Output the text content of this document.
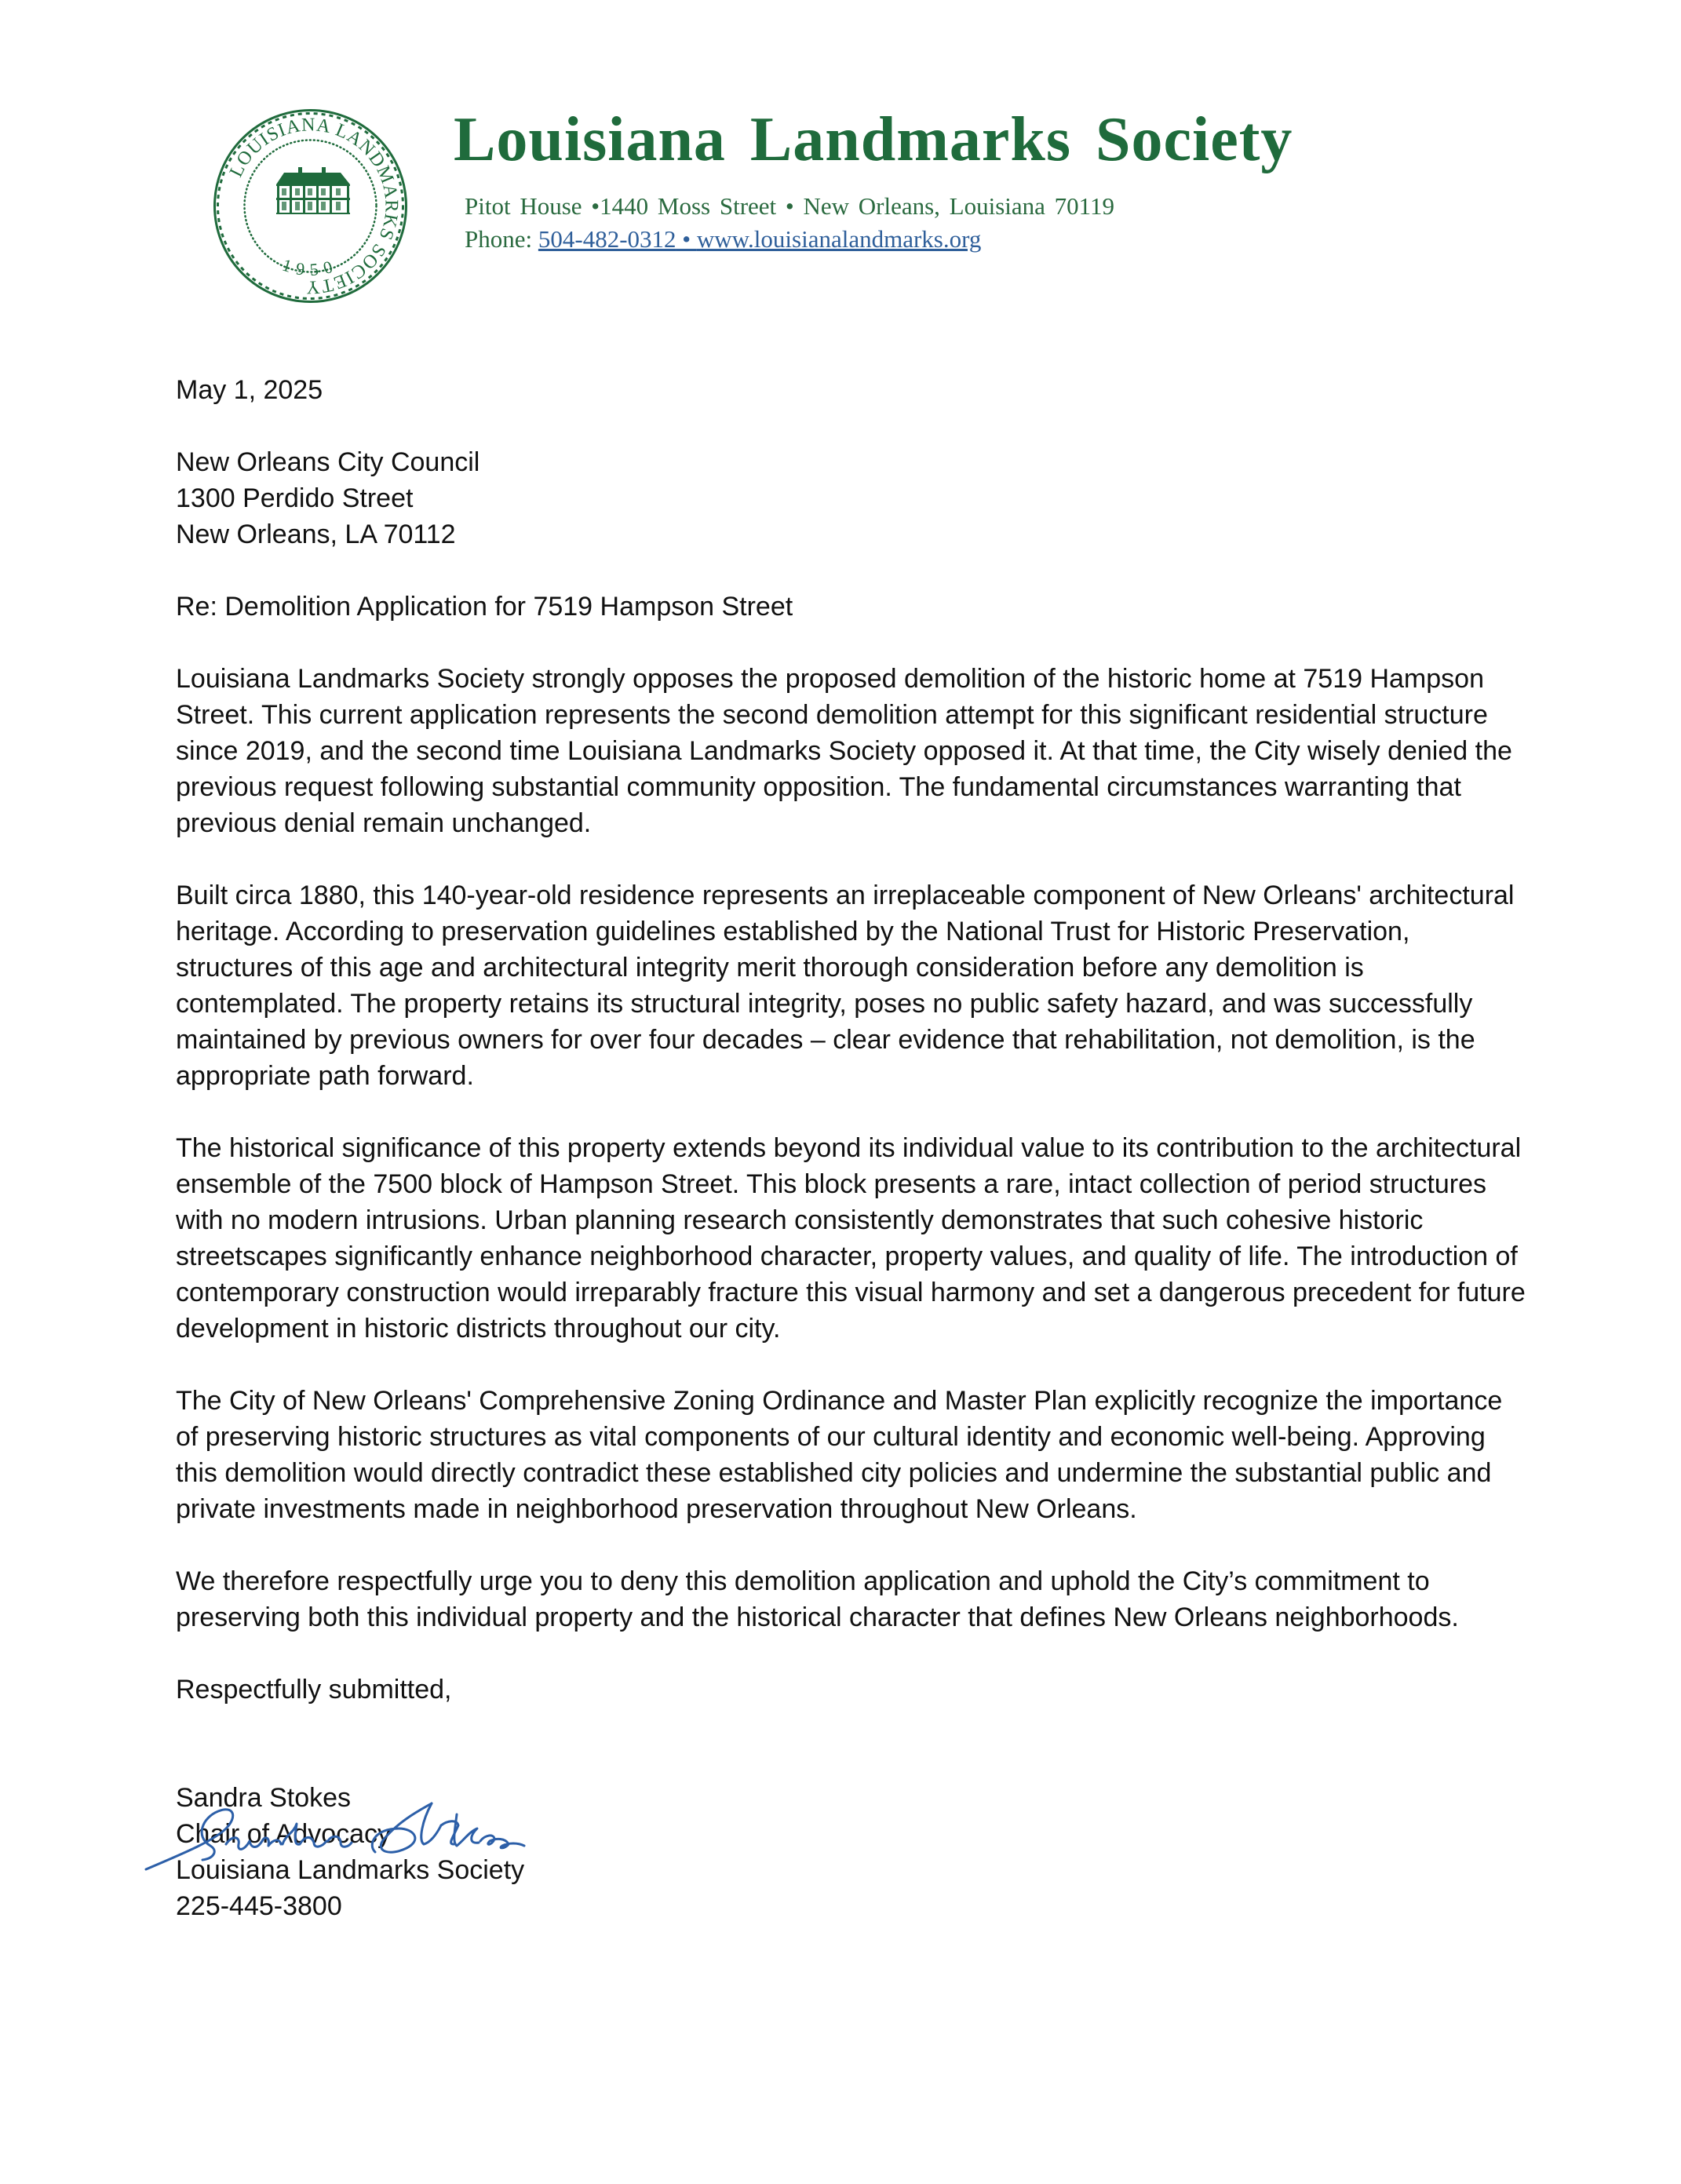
LOUISIANA LANDMARKS SOCIETY
1950
Louisiana Landmarks Society
Pitot House •1440 Moss Street • New Orleans, Louisiana 70119
Phone: 504-482-0312 • www.louisianalandmarks.org

May 1, 2025

New Orleans City Council

1300 Perdido Street

New Orleans, LA 70112

Re: Demolition Application for 7519 Hampson Street

Louisiana Landmarks Society strongly opposes the proposed demolition of the historic home at 7519 Hampson Street. This current application represents the second demolition attempt for this significant residential structure since 2019, and the second time Louisiana Landmarks Society opposed it. At that time, the City wisely denied the previous request following substantial community opposition. The fundamental circumstances warranting that previous denial remain unchanged.

Built circa 1880, this 140-year-old residence represents an irreplaceable component of New Orleans' architectural heritage. According to preservation guidelines established by the National Trust for Historic Preservation, structures of this age and architectural integrity merit thorough consideration before any demolition is contemplated. The property retains its structural integrity, poses no public safety hazard, and was successfully maintained by previous owners for over four decades – clear evidence that rehabilitation, not demolition, is the appropriate path forward.

The historical significance of this property extends beyond its individual value to its contribution to the architectural ensemble of the 7500 block of Hampson Street. This block presents a rare, intact collection of period structures with no modern intrusions. Urban planning research consistently demonstrates that such cohesive historic streetscapes significantly enhance neighborhood character, property values, and quality of life. The introduction of contemporary construction would irreparably fracture this visual harmony and set a dangerous precedent for future development in historic districts throughout our city.

The City of New Orleans' Comprehensive Zoning Ordinance and Master Plan explicitly recognize the importance of preserving historic structures as vital components of our cultural identity and economic well-being. Approving this demolition would directly contradict these established city policies and undermine the substantial public and private investments made in neighborhood preservation throughout New Orleans.

We therefore respectfully urge you to deny this demolition application and uphold the City’s commitment to preserving both this individual property and the historical character that defines New Orleans neighborhoods.

Respectfully submitted,

Sandra Stokes

Chair of Advocacy

Louisiana Landmarks Society

225-445-3800
